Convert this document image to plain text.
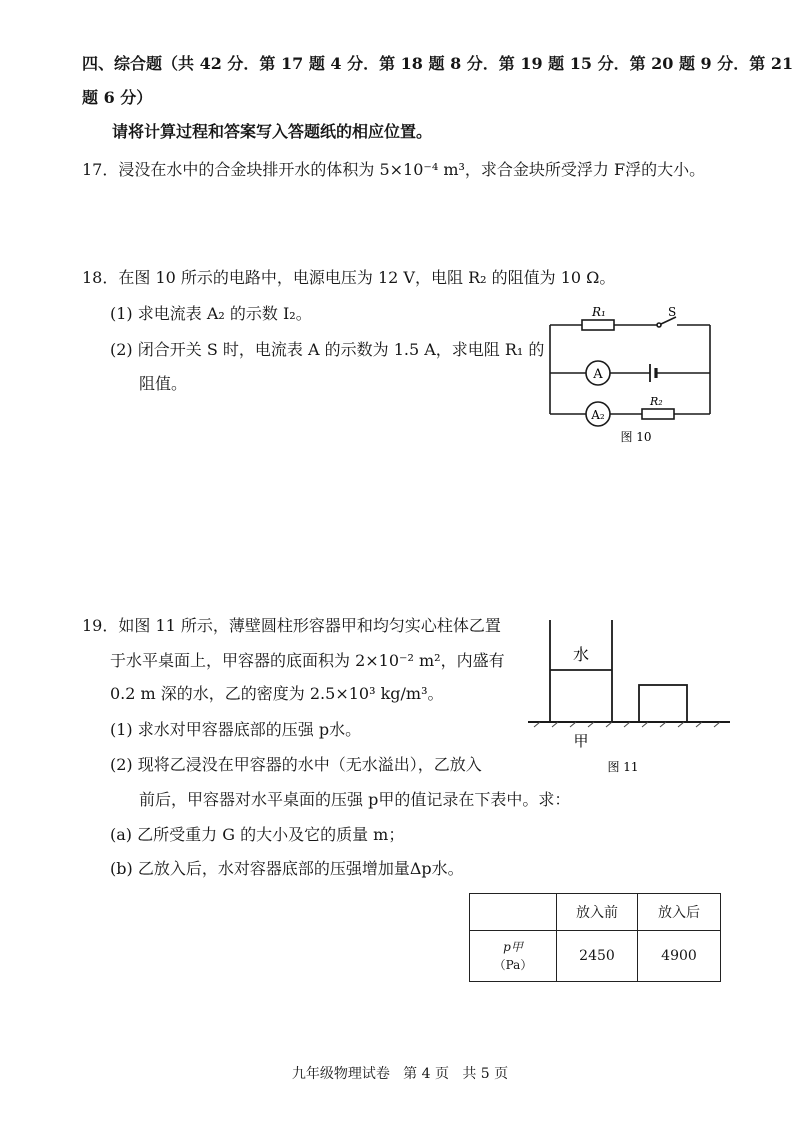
四、综合题（共 42 分．第 17 题 4 分．第 18 题 8 分．第 19 题 15 分．第 20 题 9 分．第 21
题 6 分）
请将计算过程和答案写入答题纸的相应位置。
17．浸没在水中的合金块排开水的体积为 5×10⁻⁴ m³，求合金块所受浮力 F浮的大小。
18．在图 10 所示的电路中，电源电压为 12 V，电阻 R₂ 的阻值为 10 Ω。
(1) 求电流表 A₂ 的示数 I₂。
(2) 闭合开关 S 时，电流表 A 的示数为 1.5 A，求电阻 R₁ 的
阻值。
R₁	S
A
A₂
R₂
图 10
19．如图 11 所示，薄壁圆柱形容器甲和均匀实心柱体乙置
于水平桌面上，甲容器的底面积为 2×10⁻² m²，内盛有
0.2 m 深的水，乙的密度为 2.5×10³ kg/m³。
(1) 求水对甲容器底部的压强 p水。
(2) 现将乙浸没在甲容器的水中（无水溢出），乙放入
前后，甲容器对水平桌面的压强 p甲的值记录在下表中。求：
(a) 乙所受重力 G 的大小及它的质量 m；
(b) 乙放入后，水对容器底部的压强增加量Δp水。
水
甲
图 11
	放入前	放入后

p甲
（Pa）	2450	4900
九年级物理试卷   第 4 页   共 5 页
